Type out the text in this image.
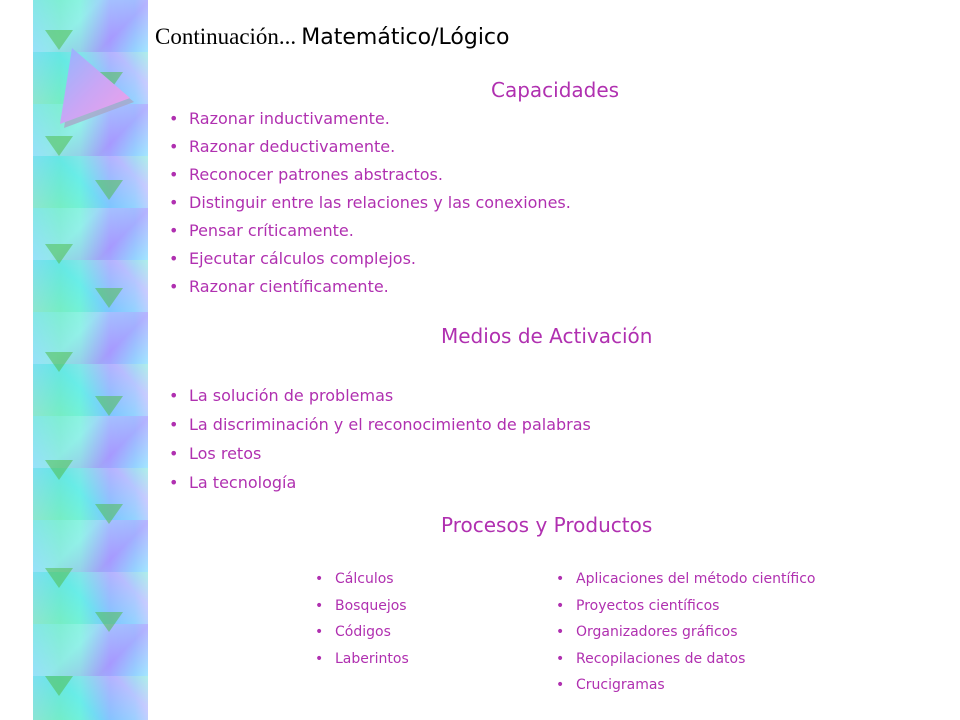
Continuación... Matemático/Lógico
Capacidades
• Razonar inductivamente.
• Razonar deductivamente.
• Reconocer patrones abstractos.
• Distinguir entre las relaciones y las conexiones.
• Pensar críticamente.
• Ejecutar cálculos complejos.
• Razonar científicamente.
Medios de Activación
• La solución de problemas
• La discriminación y el reconocimiento de palabras
• Los retos
• La tecnología
Procesos y Productos
• Cálculos
• Bosquejos
• Códigos
• Laberintos
• Aplicaciones del método científico
• Proyectos científicos
• Organizadores gráficos
• Recopilaciones de datos
• Crucigramas
